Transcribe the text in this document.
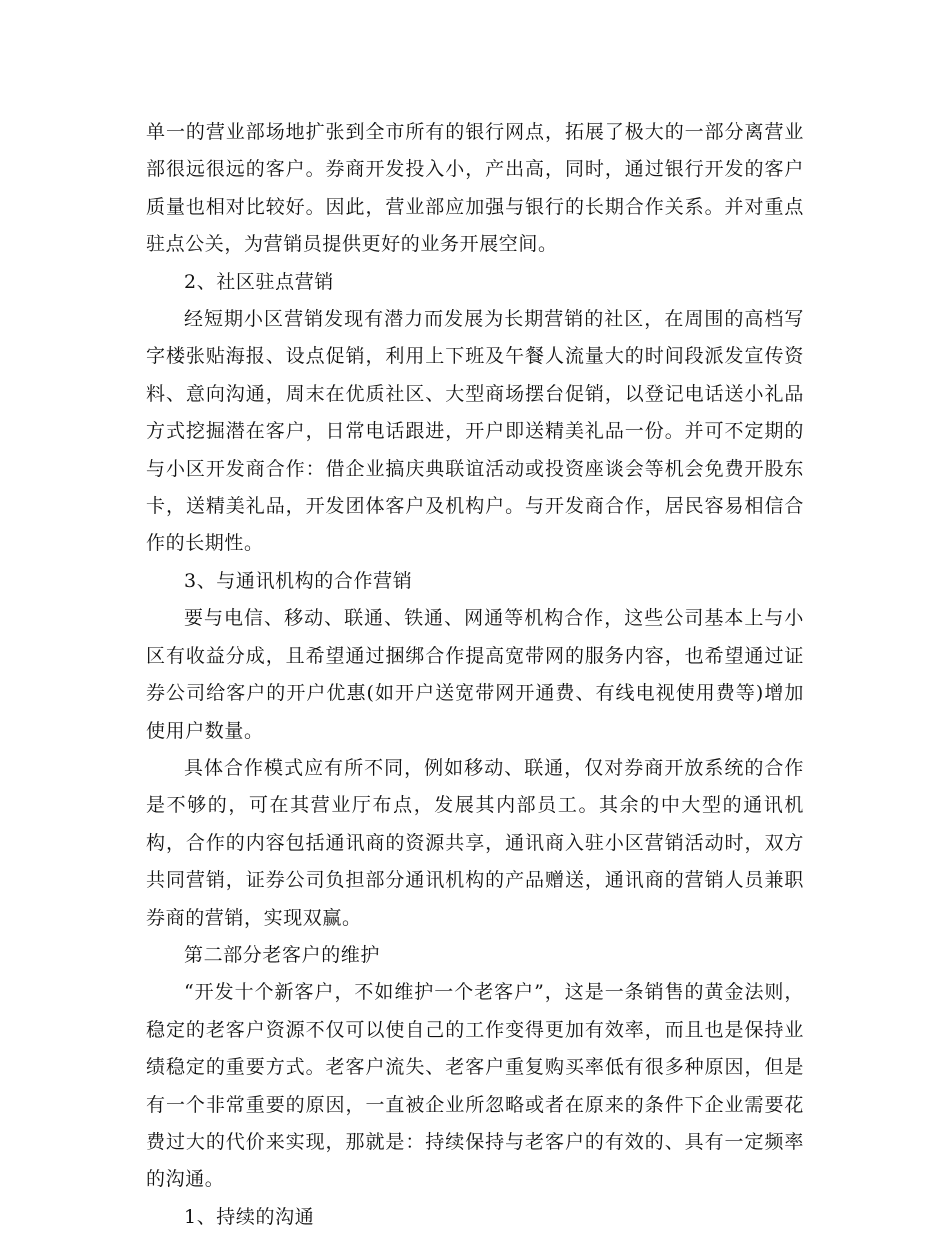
单一的营业部场地扩张到全市所有的银行网点，拓展了极大的一部分离营业部很远很远的客户。券商开发投入小，产出高，同时，通过银行开发的客户质量也相对比较好。因此，营业部应加强与银行的长期合作关系。并对重点驻点公关，为营销员提供更好的业务开展空间。

2、社区驻点营销

经短期小区营销发现有潜力而发展为长期营销的社区，在周围的高档写字楼张贴海报、设点促销，利用上下班及午餐人流量大的时间段派发宣传资料、意向沟通，周末在优质社区、大型商场摆台促销，以登记电话送小礼品方式挖掘潜在客户，日常电话跟进，开户即送精美礼品一份。并可不定期的与小区开发商合作：借企业搞庆典联谊活动或投资座谈会等机会免费开股东卡，送精美礼品，开发团体客户及机构户。与开发商合作，居民容易相信合作的长期性。

3、与通讯机构的合作营销

要与电信、移动、联通、铁通、网通等机构合作，这些公司基本上与小区有收益分成，且希望通过捆绑合作提高宽带网的服务内容，也希望通过证券公司给客户的开户优惠(如开户送宽带网开通费、有线电视使用费等)增加使用户数量。

具体合作模式应有所不同，例如移动、联通，仅对券商开放系统的合作是不够的，可在其营业厅布点，发展其内部员工。其余的中大型的通讯机构，合作的内容包括通讯商的资源共享，通讯商入驻小区营销活动时，双方共同营销，证券公司负担部分通讯机构的产品赠送，通讯商的营销人员兼职券商的营销，实现双赢。

第二部分老客户的维护

“开发十个新客户，不如维护一个老客户”，这是一条销售的黄金法则，稳定的老客户资源不仅可以使自己的工作变得更加有效率，而且也是保持业绩稳定的重要方式。老客户流失、老客户重复购买率低有很多种原因，但是有一个非常重要的原因，一直被企业所忽略或者在原来的条件下企业需要花费过大的代价来实现，那就是：持续保持与老客户的有效的、具有一定频率的沟通。

1、持续的沟通
